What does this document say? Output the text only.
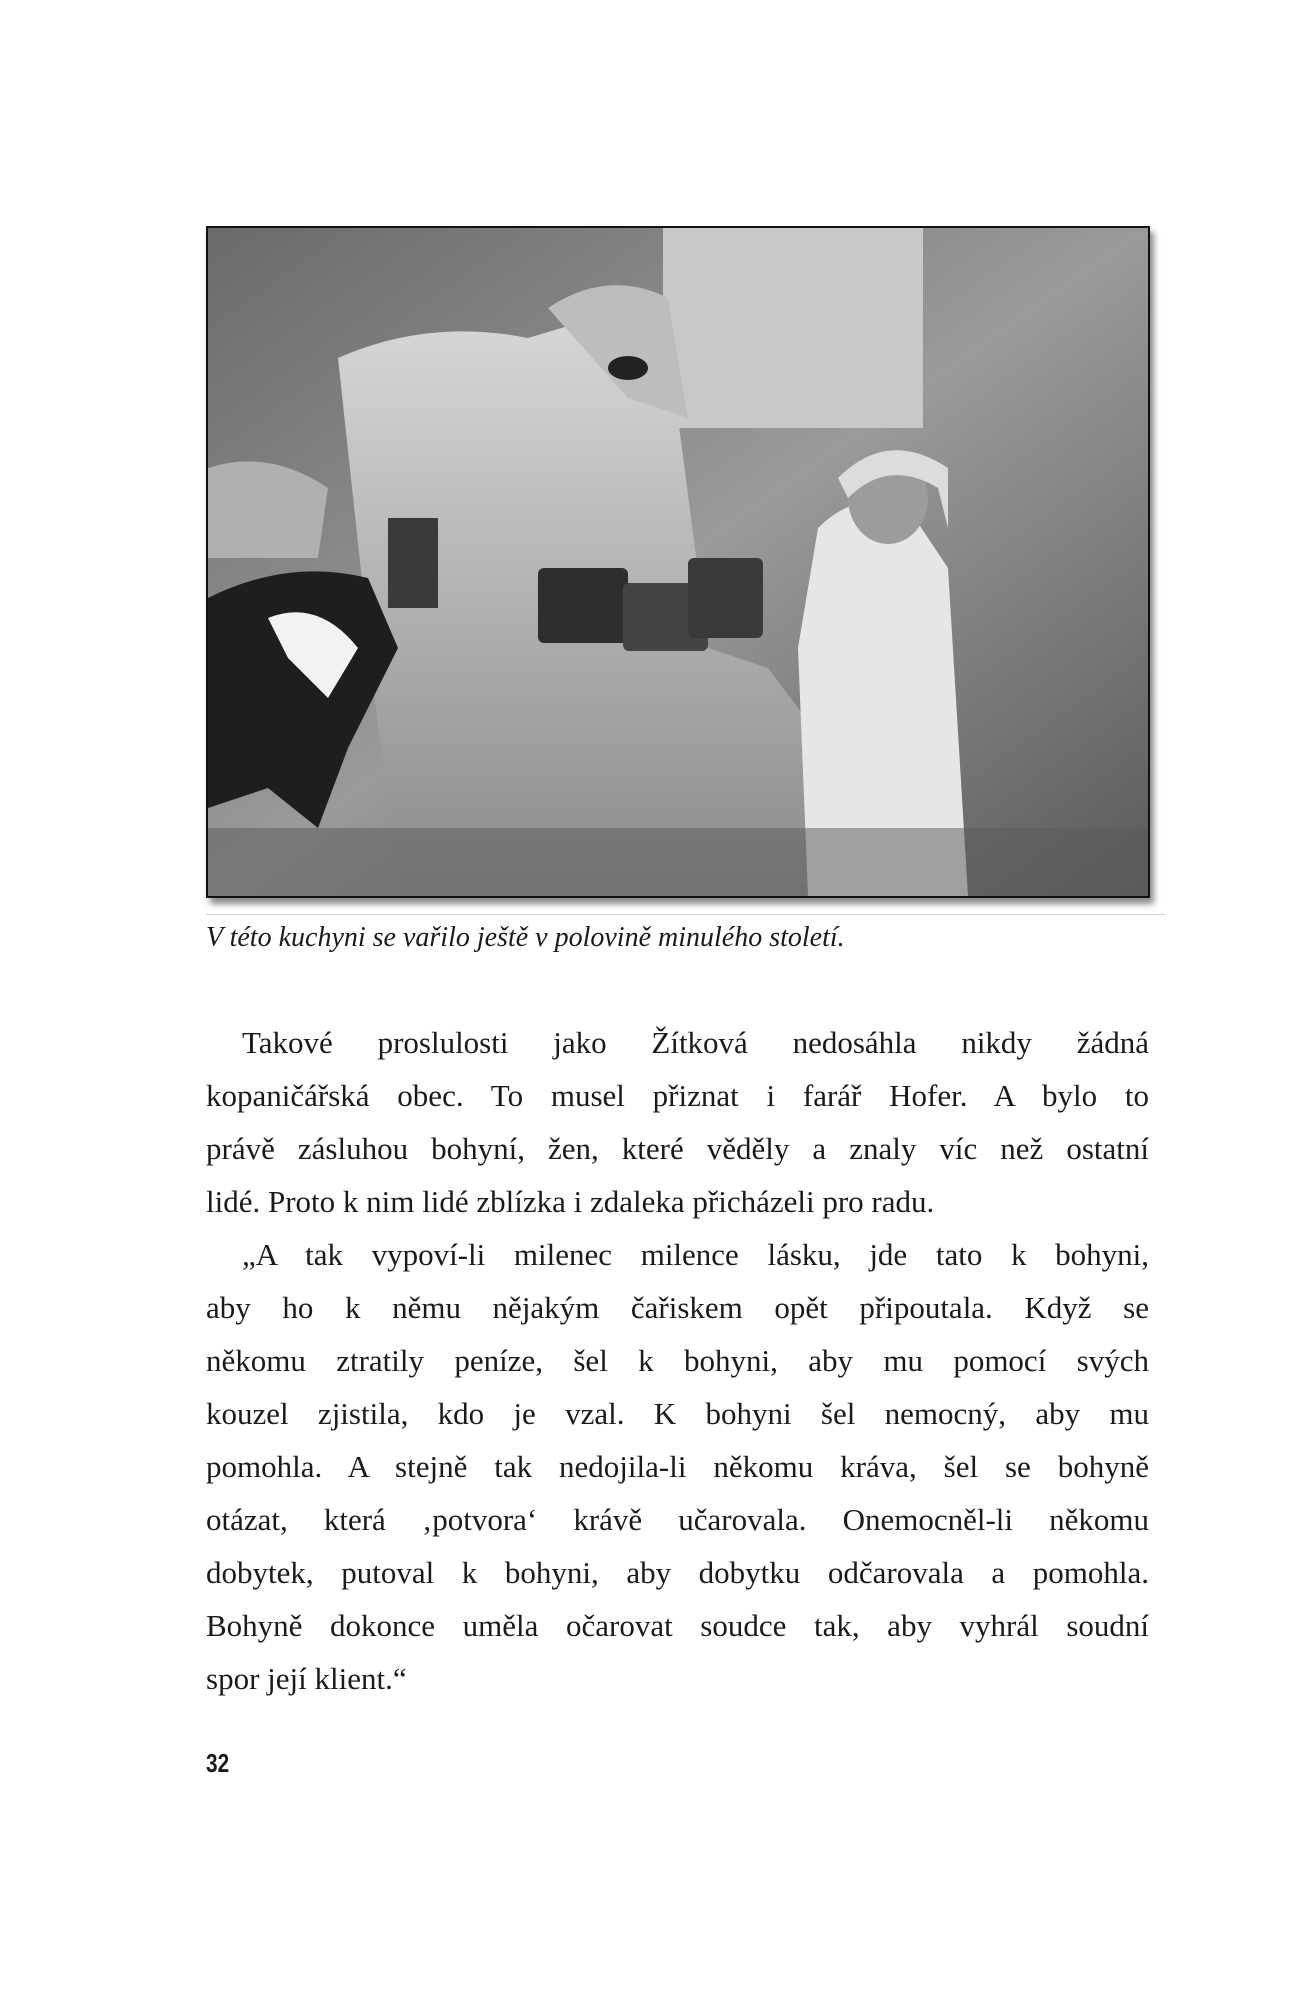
V této kuchyni se vařilo ještě v polovině minulého století.
Takové proslulosti jako Žítková nedosáhla nikdy žádná
kopaničářská obec. To musel přiznat i farář Hofer. A bylo to
právě zásluhou bohyní, žen, které věděly a znaly víc než ostatní
lidé. Proto k nim lidé zblízka i zdaleka přicházeli pro radu.
„A tak vypoví-li milenec milence lásku, jde tato k bohyni,
aby ho k němu nějakým čařiskem opět připoutala. Když se
někomu ztratily peníze, šel k bohyni, aby mu pomocí svých
kouzel zjistila, kdo je vzal. K bohyni šel nemocný, aby mu
pomohla. A stejně tak nedojila-li někomu kráva, šel se bohyně
otázat, která ‚potvora‘ krávě učarovala. Onemocněl-li někomu
dobytek, putoval k bohyni, aby dobytku odčarovala a pomohla.
Bohyně dokonce uměla očarovat soudce tak, aby vyhrál soudní
spor její klient.“
32
